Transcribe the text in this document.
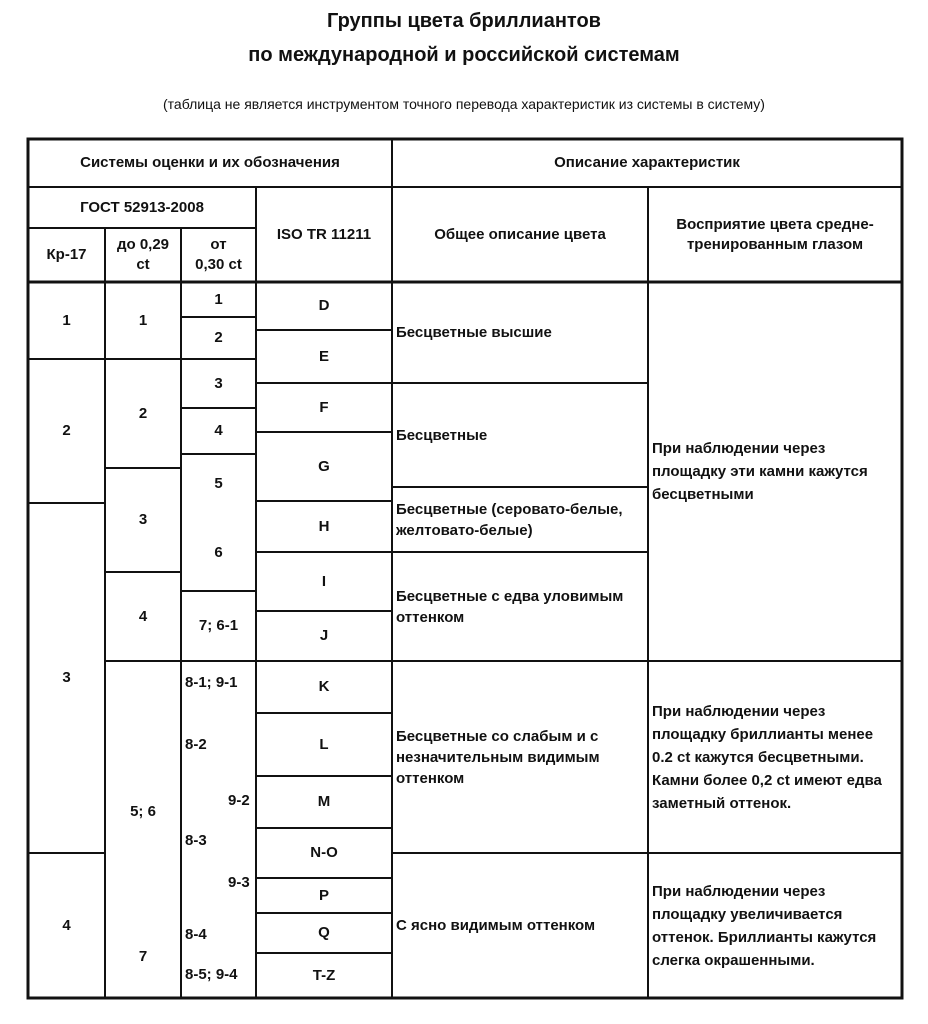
Группы цвета бриллиантов
по международной и российской системам
(таблица не является инструментом точного перевода характеристик из системы в систему)
Системы оценки и их обозначения	Описание характеристик
ГОСТ 52913-2008
Кр-17
до 0,29
ct
от
0,30 ct
ISO TR 11211	Общее описание цвета
Восприятие цвета средне-тренированным глазом
1
2
3
4
1
2
3
4
5; 6
7
1
2
3
4
5
6
7; 6-1
8-1; 9-1
8-2
9-2
8-3
9-3
8-4
8-5; 9-4
D
E
F
G
H
I
J
K
L
M
N-O
P
Q
T-Z
Бесцветные высшие
Бесцветные
Бесцветные (серовато-белые, желтовато-белые)
Бесцветные с едва уловимым оттенком
Бесцветные со слабым и с незначительным видимым оттенком
С ясно видимым оттенком
При наблюдении через площадку эти камни кажутся бесцветными
При наблюдении через площадку бриллианты менее 0.2 ct кажутся бесцветными. Камни более 0,2 ct имеют едва заметный оттенок.
При наблюдении через площадку увеличивается оттенок. Бриллианты кажутся слегка окрашенными.
